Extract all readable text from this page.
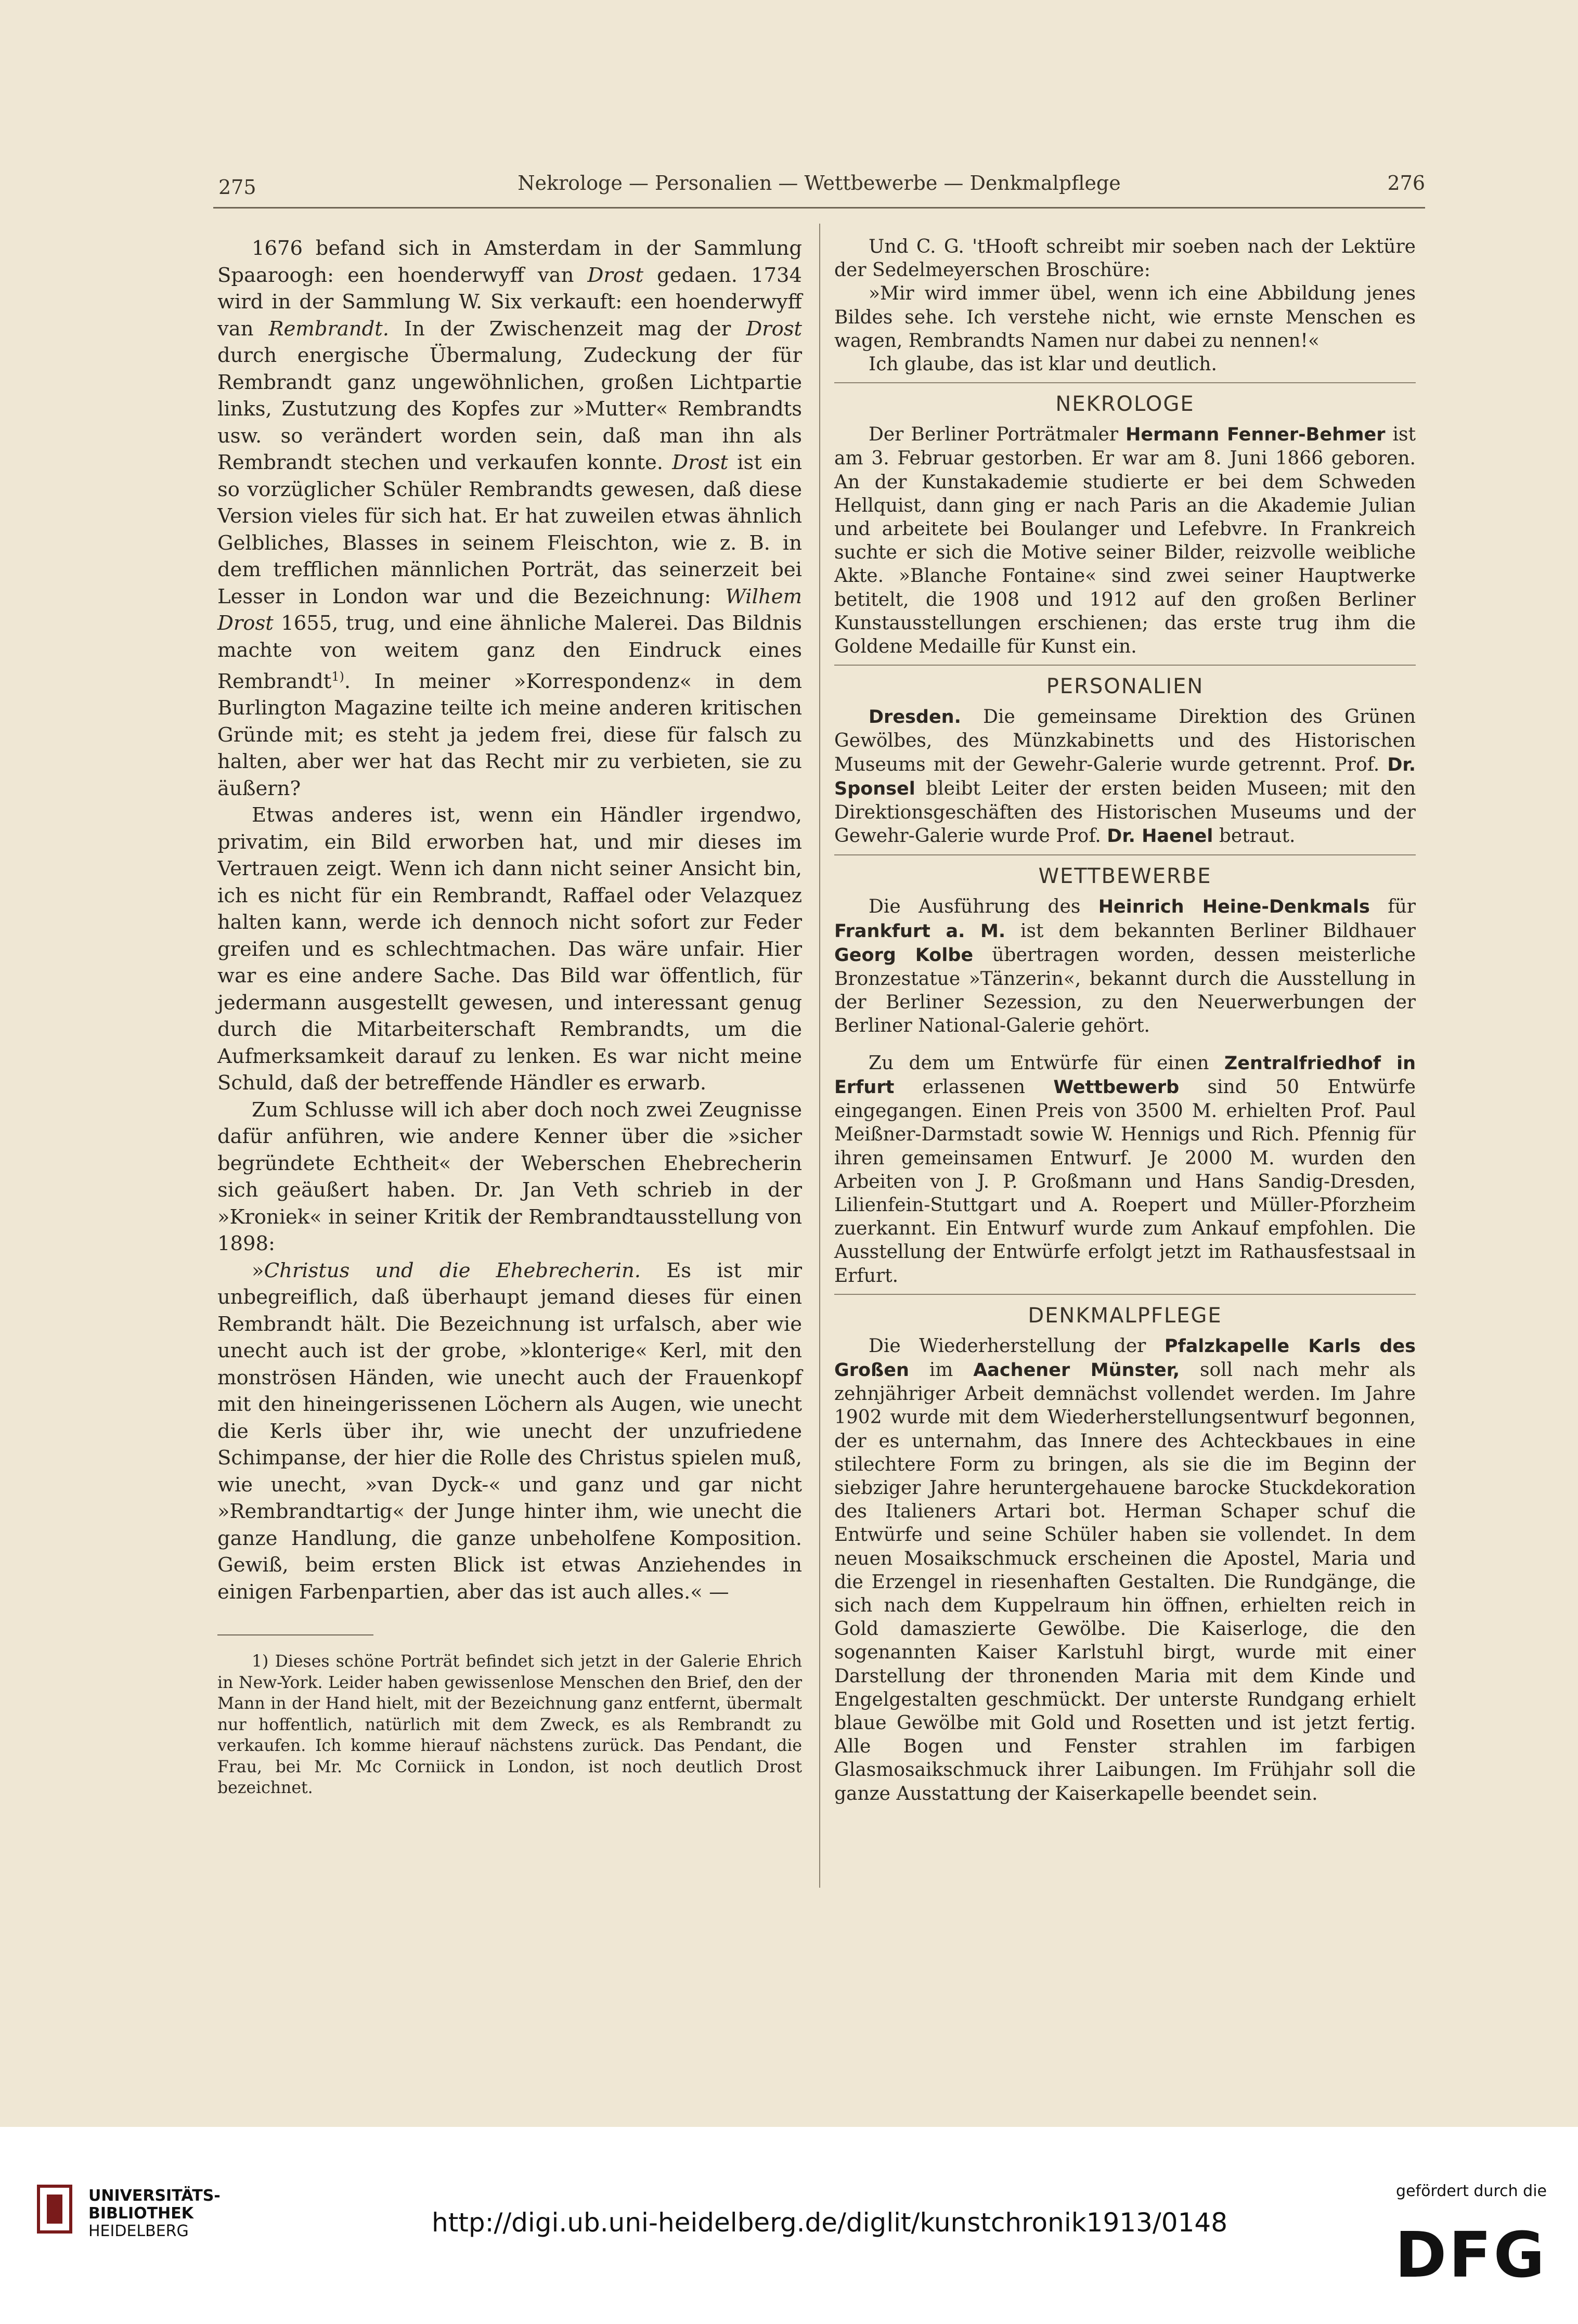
275	Nekrologe — Personalien — Wettbewerbe — Denkmalpflege	276

1676 befand sich in Amsterdam in der Sammlung Spaaroogh: een hoenderwyff van Drost gedaen. 1734 wird in der Sammlung W. Six verkauft: een hoenderwyff van Rembrandt. In der Zwischenzeit mag der Drost durch energische Übermalung, Zudeckung der für Rembrandt ganz ungewöhnlichen, großen Lichtpartie links, Zustutzung des Kopfes zur »Mutter« Rembrandts usw. so verändert worden sein, daß man ihn als Rembrandt stechen und verkaufen konnte. Drost ist ein so vorzüglicher Schüler Rembrandts gewesen, daß diese Version vieles für sich hat. Er hat zuweilen etwas ähnlich Gelbliches, Blasses in seinem Fleischton, wie z. B. in dem trefflichen männlichen Porträt, das seinerzeit bei Lesser in London war und die Bezeichnung: Wilhem Drost 1655, trug, und eine ähnliche Malerei. Das Bildnis machte von weitem ganz den Eindruck eines Rembrandt$^{1)}$. In meiner »Korrespondenz« in dem Burlington Magazine teilte ich meine anderen kritischen Gründe mit; es steht ja jedem frei, diese für falsch zu halten, aber wer hat das Recht mir zu verbieten, sie zu äußern?

Etwas anderes ist, wenn ein Händler irgendwo, privatim, ein Bild erworben hat, und mir dieses im Vertrauen zeigt. Wenn ich dann nicht seiner Ansicht bin, ich es nicht für ein Rembrandt, Raffael oder Velazquez halten kann, werde ich dennoch nicht sofort zur Feder greifen und es schlechtmachen. Das wäre unfair. Hier war es eine andere Sache. Das Bild war öffentlich, für jedermann ausgestellt gewesen, und interessant genug durch die Mitarbeiterschaft Rembrandts, um die Aufmerksamkeit darauf zu lenken. Es war nicht meine Schuld, daß der betreffende Händler es erwarb.

Zum Schlusse will ich aber doch noch zwei Zeugnisse dafür anführen, wie andere Kenner über die »sicher begründete Echtheit« der Weberschen Ehebrecherin sich geäußert haben. Dr. Jan Veth schrieb in der »Kroniek« in seiner Kritik der Rembrandtausstellung von 1898:

»Christus und die Ehebrecherin. Es ist mir unbegreiflich, daß überhaupt jemand dieses für einen Rembrandt hält. Die Bezeichnung ist urfalsch, aber wie unecht auch ist der grobe, »klonterige« Kerl, mit den monströsen Händen, wie unecht auch der Frauenkopf mit den hineingerissenen Löchern als Augen, wie unecht die Kerls über ihr, wie unecht der unzufriedene Schimpanse, der hier die Rolle des Christus spielen muß, wie unecht, »van Dyck-« und ganz und gar nicht »Rembrandtartig« der Junge hinter ihm, wie unecht die ganze Handlung, die ganze unbeholfene Komposition. Gewiß, beim ersten Blick ist etwas Anziehendes in einigen Farbenpartien, aber das ist auch alles.« —

1) Dieses schöne Porträt befindet sich jetzt in der Galerie Ehrich in New-York. Leider haben gewissenlose Menschen den Brief, den der Mann in der Hand hielt, mit der Bezeichnung ganz entfernt, übermalt nur hoffentlich, natürlich mit dem Zweck, es als Rembrandt zu verkaufen. Ich komme hierauf nächstens zurück. Das Pendant, die Frau, bei Mr. Mc Corniick in London, ist noch deutlich Drost bezeichnet.

Und C. G. 'tHooft schreibt mir soeben nach der Lektüre der Sedelmeyerschen Broschüre:

»Mir wird immer übel, wenn ich eine Abbildung jenes Bildes sehe. Ich verstehe nicht, wie ernste Menschen es wagen, Rembrandts Namen nur dabei zu nennen!«

Ich glaube, das ist klar und deutlich.

NEKROLOGE

Der Berliner Porträtmaler Hermann Fenner-Behmer ist am 3. Februar gestorben. Er war am 8. Juni 1866 geboren. An der Kunstakademie studierte er bei dem Schweden Hellquist, dann ging er nach Paris an die Akademie Julian und arbeitete bei Boulanger und Lefebvre. In Frankreich suchte er sich die Motive seiner Bilder, reizvolle weibliche Akte. »Blanche Fontaine« sind zwei seiner Hauptwerke betitelt, die 1908 und 1912 auf den großen Berliner Kunstausstellungen erschienen; das erste trug ihm die Goldene Medaille für Kunst ein.

PERSONALIEN

Dresden. Die gemeinsame Direktion des Grünen Gewölbes, des Münzkabinetts und des Historischen Museums mit der Gewehr-Galerie wurde getrennt. Prof. Dr. Sponsel bleibt Leiter der ersten beiden Museen; mit den Direktionsgeschäften des Historischen Museums und der Gewehr-Galerie wurde Prof. Dr. Haenel betraut.

WETTBEWERBE

Die Ausführung des Heinrich Heine-Denkmals für Frankfurt a. M. ist dem bekannten Berliner Bildhauer Georg Kolbe übertragen worden, dessen meisterliche Bronzestatue »Tänzerin«, bekannt durch die Ausstellung in der Berliner Sezession, zu den Neuerwerbungen der Berliner National-Galerie gehört.

Zu dem um Entwürfe für einen Zentralfriedhof in Erfurt erlassenen Wettbewerb sind 50 Entwürfe eingegangen. Einen Preis von 3500 M. erhielten Prof. Paul Meißner-Darmstadt sowie W. Hennigs und Rich. Pfennig für ihren gemeinsamen Entwurf. Je 2000 M. wurden den Arbeiten von J. P. Großmann und Hans Sandig-Dresden, Lilienfein-Stuttgart und A. Roepert und Müller-Pforzheim zuerkannt. Ein Entwurf wurde zum Ankauf empfohlen. Die Ausstellung der Entwürfe erfolgt jetzt im Rathausfestsaal in Erfurt.

DENKMALPFLEGE

Die Wiederherstellung der Pfalzkapelle Karls des Großen im Aachener Münster, soll nach mehr als zehnjähriger Arbeit demnächst vollendet werden. Im Jahre 1902 wurde mit dem Wiederherstellungsentwurf begonnen, der es unternahm, das Innere des Achteckbaues in eine stilechtere Form zu bringen, als sie die im Beginn der siebziger Jahre heruntergehauene barocke Stuckdekoration des Italieners Artari bot. Herman Schaper schuf die Entwürfe und seine Schüler haben sie vollendet. In dem neuen Mosaikschmuck erscheinen die Apostel, Maria und die Erzengel in riesenhaften Gestalten. Die Rundgänge, die sich nach dem Kuppelraum hin öffnen, erhielten reich in Gold damaszierte Gewölbe. Die Kaiserloge, die den sogenannten Kaiser Karlstuhl birgt, wurde mit einer Darstellung der thronenden Maria mit dem Kinde und Engelgestalten geschmückt. Der unterste Rundgang erhielt blaue Gewölbe mit Gold und Rosetten und ist jetzt fertig. Alle Bogen und Fenster strahlen im farbigen Glasmosaikschmuck ihrer Laibungen. Im Frühjahr soll die ganze Ausstattung der Kaiserkapelle beendet sein.

UNIVERSITÄTS-
BIBLIOTHEK
HEIDELBERG	http://digi.ub.uni-heidelberg.de/diglit/kunstchronik1913/0148
gefördert durch die
DFG
